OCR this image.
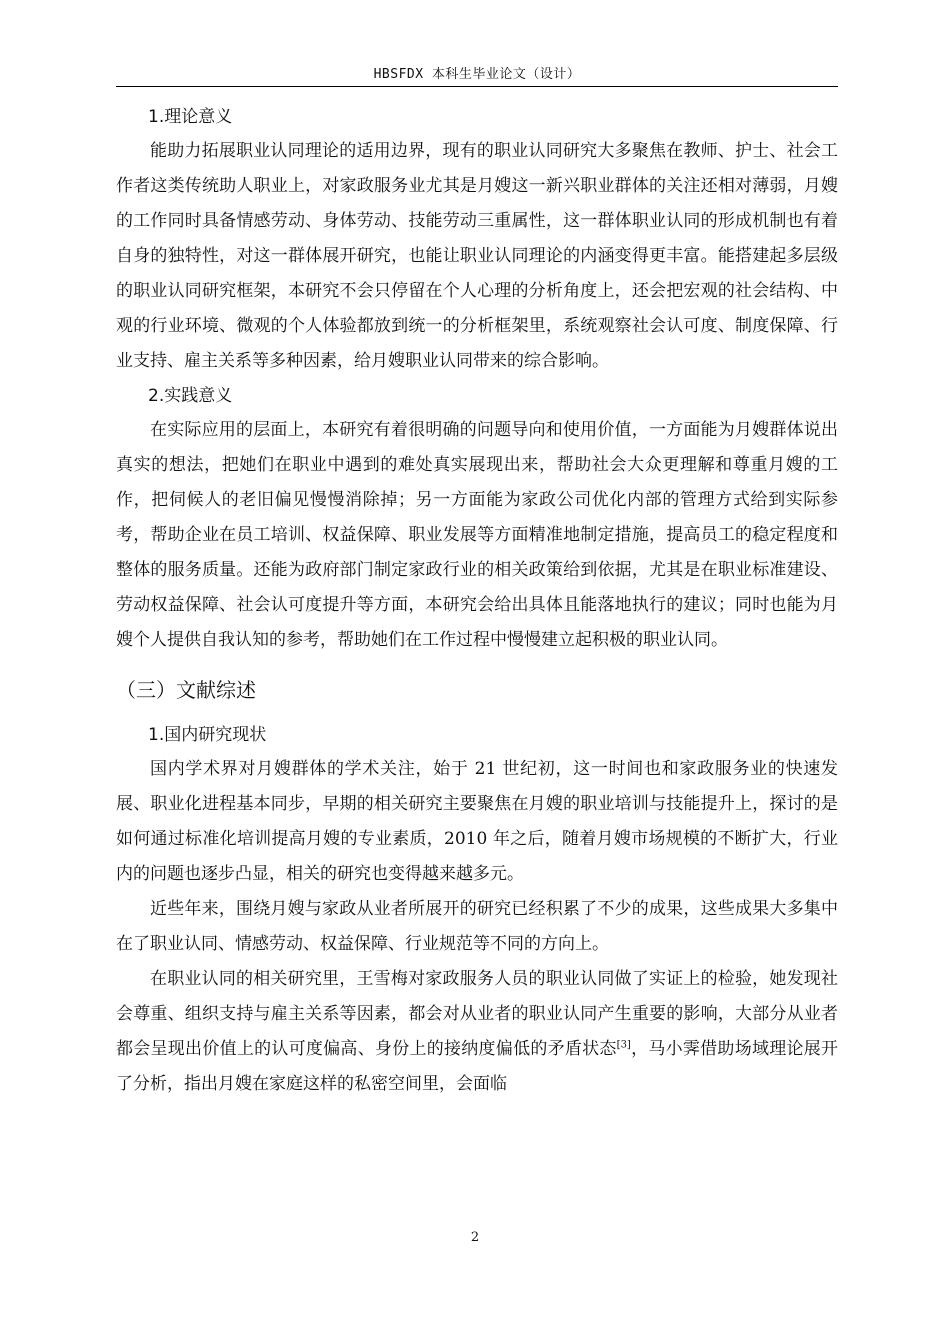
HBSFDX 本科生毕业论文（设计）
1.理论意义

能助力拓展职业认同理论的适用边界，现有的职业认同研究大多聚焦在教师、护士、社会工作者这类传统助人职业上，对家政服务业尤其是月嫂这一新兴职业群体的关注还相对薄弱，月嫂的工作同时具备情感劳动、身体劳动、技能劳动三重属性，这一群体职业认同的形成机制也有着自身的独特性，对这一群体展开研究，也能让职业认同理论的内涵变得更丰富。能搭建起多层级的职业认同研究框架，本研究不会只停留在个人心理的分析角度上，还会把宏观的社会结构、中观的行业环境、微观的个人体验都放到统一的分析框架里，系统观察社会认可度、制度保障、行业支持、雇主关系等多种因素，给月嫂职业认同带来的综合影响。

2.实践意义

在实际应用的层面上，本研究有着很明确的问题导向和使用价值，一方面能为月嫂群体说出真实的想法，把她们在职业中遇到的难处真实展现出来，帮助社会大众更理解和尊重月嫂的工作，把伺候人的老旧偏见慢慢消除掉；另一方面能为家政公司优化内部的管理方式给到实际参考，帮助企业在员工培训、权益保障、职业发展等方面精准地制定措施，提高员工的稳定程度和整体的服务质量。还能为政府部门制定家政行业的相关政策给到依据，尤其是在职业标准建设、劳动权益保障、社会认可度提升等方面，本研究会给出具体且能落地执行的建议；同时也能为月嫂个人提供自我认知的参考，帮助她们在工作过程中慢慢建立起积极的职业认同。

（三）文献综述
1.国内研究现状

国内学术界对月嫂群体的学术关注，始于 21 世纪初，这一时间也和家政服务业的快速发展、职业化进程基本同步，早期的相关研究主要聚焦在月嫂的职业培训与技能提升上，探讨的是如何通过标准化培训提高月嫂的专业素质，2010 年之后，随着月嫂市场规模的不断扩大，行业内的问题也逐步凸显，相关的研究也变得越来越多元。

近些年来，围绕月嫂与家政从业者所展开的研究已经积累了不少的成果，这些成果大多集中在了职业认同、情感劳动、权益保障、行业规范等不同的方向上。

在职业认同的相关研究里，王雪梅对家政服务人员的职业认同做了实证上的检验，她发现社会尊重、组织支持与雇主关系等因素，都会对从业者的职业认同产生重要的影响，大部分从业者都会呈现出价值上的认可度偏高、身份上的接纳度偏低的矛盾状态[3]，马小霁借助场域理论展开了分析，指出月嫂在家庭这样的私密空间里，会面临

2
